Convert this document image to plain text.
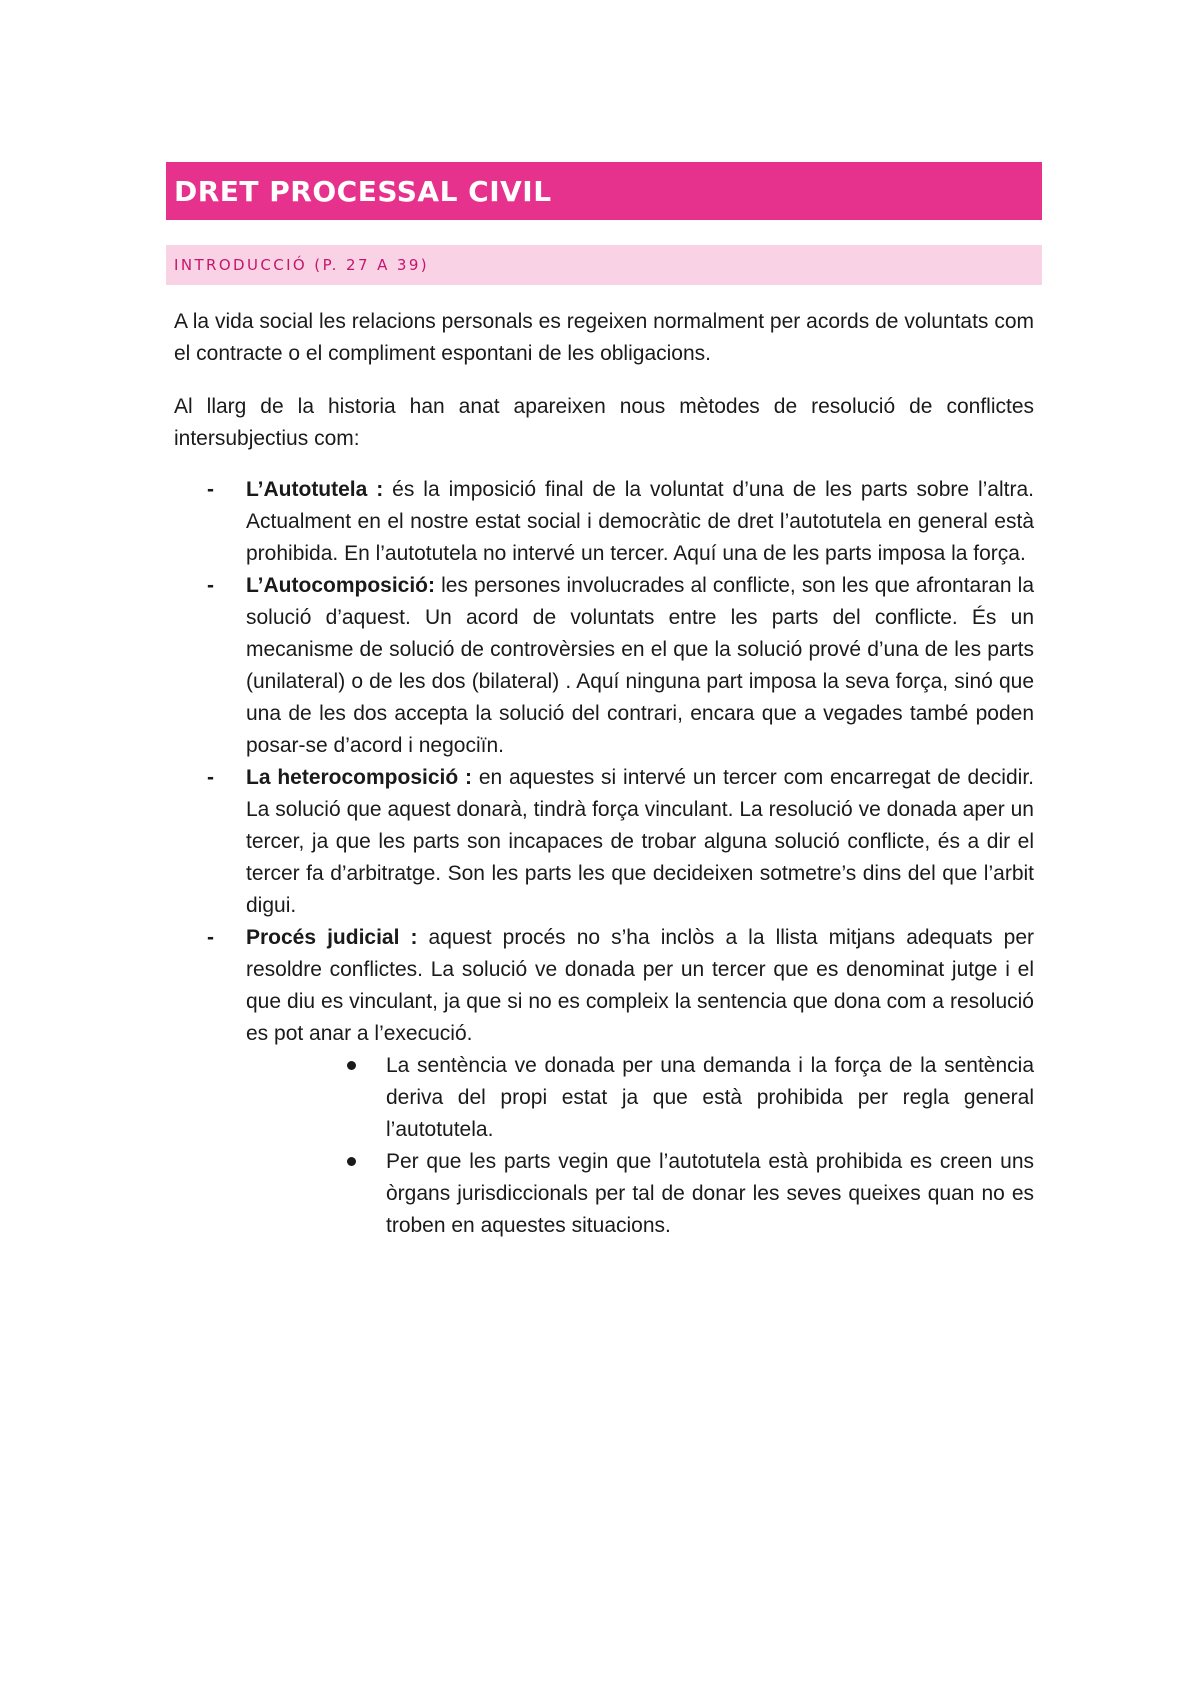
DRET PROCESSAL CIVIL
INTRODUCCIÓ (P. 27 A 39)

A la vida social les relacions personals es regeixen normalment per acords de voluntats com el contracte o el compliment espontani de les obligacions.

Al llarg de la historia han anat apareixen nous mètodes de resolució de conflictes intersubjectius com:

- L’Autotutela : és la imposició final de la voluntat d’una de les parts sobre l’altra. Actualment en el nostre estat social i democràtic de dret l’autotutela en general està prohibida. En l’autotutela no intervé un tercer. Aquí una de les parts imposa la força.
- L’Autocomposició: les persones involucrades al conflicte, son les que afrontaran la solució d’aquest. Un acord de voluntats entre les parts del conflicte. És un mecanisme de solució de controvèrsies en el que la solució prové d’una de les parts (unilateral) o de les dos (bilateral) . Aquí ninguna part imposa la seva força, sinó que una de les dos accepta la solució del contrari, encara que a vegades també poden posar-se d’acord i negociïn.
- La heterocomposició : en aquestes si intervé un tercer com encarregat de decidir. La solució que aquest donarà, tindrà força vinculant. La resolució ve donada aper un tercer, ja que les parts son incapaces de trobar alguna solució conflicte, és a dir el tercer fa d’arbitratge. Son les parts les que decideixen sotmetre’s dins del que l’arbit digui.
- Procés judicial : aquest procés no s’ha inclòs a la llista mitjans adequats per resoldre conflictes. La solució ve donada per un tercer que es denominat jutge i el que diu es vinculant, ja que si no es compleix la sentencia que dona com a resolució es pot anar a l’execució.
La sentència ve donada per una demanda i la força de la sentència deriva del propi estat ja que està prohibida per regla general l’autotutela.
Per que les parts vegin que l’autotutela està prohibida es creen uns òrgans jurisdiccionals per tal de donar les seves queixes quan no es troben en aquestes situacions.
